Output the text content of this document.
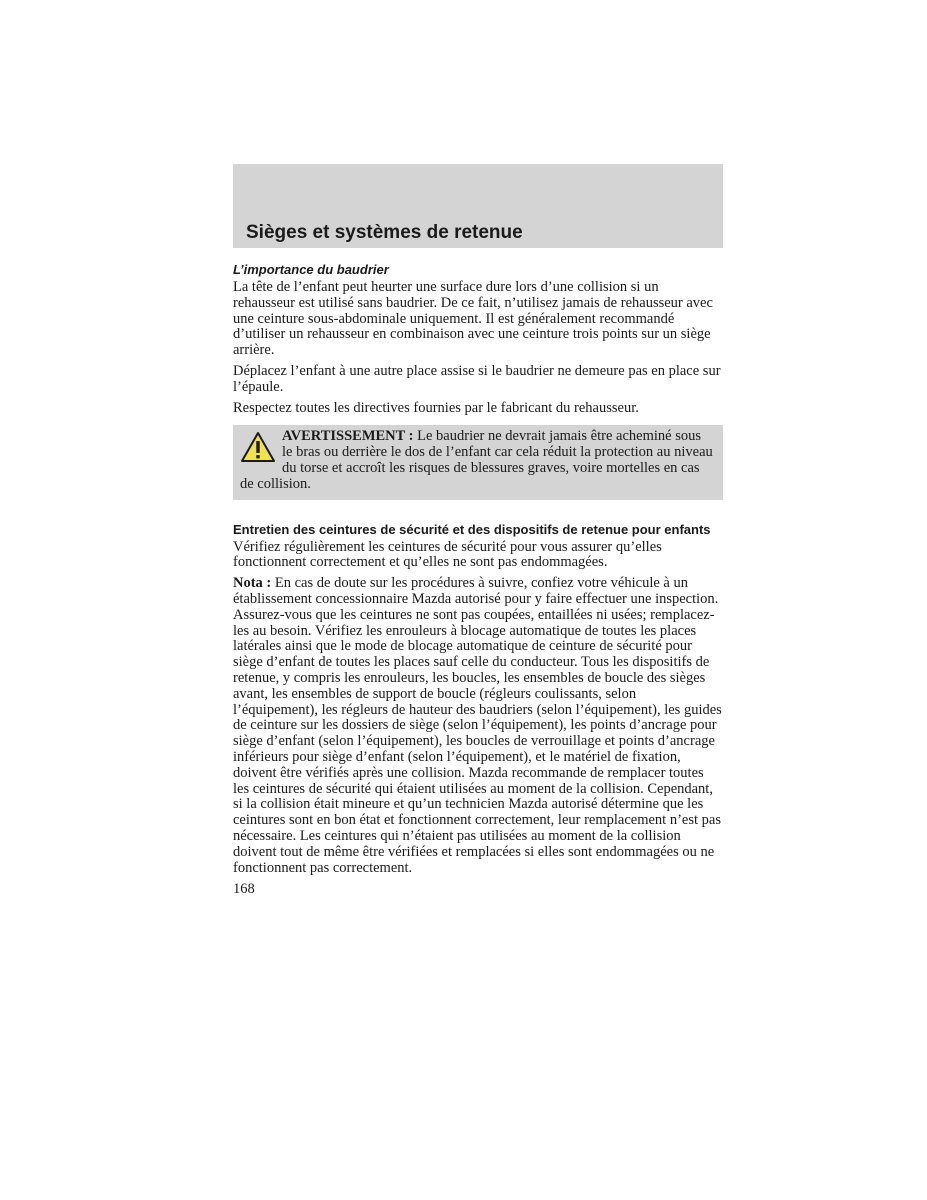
Sièges et systèmes de retenue
L’importance du baudrier

La tête de l’enfant peut heurter une surface dure lors d’une collision si un rehausseur est utilisé sans baudrier. De ce fait, n’utilisez jamais de rehausseur avec une ceinture sous-abdominale uniquement. Il est généralement recommandé d’utiliser un rehausseur en combinaison avec une ceinture trois points sur un siège arrière.

Déplacez l’enfant à une autre place assise si le baudrier ne demeure pas en place sur l’épaule.

Respectez toutes les directives fournies par le fabricant du rehausseur.

AVERTISSEMENT : Le baudrier ne devrait jamais être acheminé sous le bras ou derrière le dos de l’enfant car cela réduit la protection au niveau du torse et accroît les risques de blessures graves, voire mortelles en cas de collision.

Entretien des ceintures de sécurité et des dispositifs de retenue pour enfants

Vérifiez régulièrement les ceintures de sécurité pour vous assurer qu’elles fonctionnent correctement et qu’elles ne sont pas endommagées.

Nota : En cas de doute sur les procédures à suivre, confiez votre véhicule à un établissement concessionnaire Mazda autorisé pour y faire effectuer une inspection. Assurez-vous que les ceintures ne sont pas coupées, entaillées ni usées; remplacez-les au besoin. Vérifiez les enrouleurs à blocage automatique de toutes les places latérales ainsi que le mode de blocage automatique de ceinture de sécurité pour siège d’enfant de toutes les places sauf celle du conducteur. Tous les dispositifs de retenue, y compris les enrouleurs, les boucles, les ensembles de boucle des sièges avant, les ensembles de support de boucle (régleurs coulissants, selon l’équipement), les régleurs de hauteur des baudriers (selon l’équipement), les guides de ceinture sur les dossiers de siège (selon l’équipement), les points d’ancrage pour siège d’enfant (selon l’équipement), les boucles de verrouillage et points d’ancrage inférieurs pour siège d’enfant (selon l’équipement), et le matériel de fixation, doivent être vérifiés après une collision. Mazda recommande de remplacer toutes les ceintures de sécurité qui étaient utilisées au moment de la collision. Cependant, si la collision était mineure et qu’un technicien Mazda autorisé détermine que les ceintures sont en bon état et fonctionnent correctement, leur remplacement n’est pas nécessaire. Les ceintures qui n’étaient pas utilisées au moment de la collision doivent tout de même être vérifiées et remplacées si elles sont endommagées ou ne fonctionnent pas correctement.

168
